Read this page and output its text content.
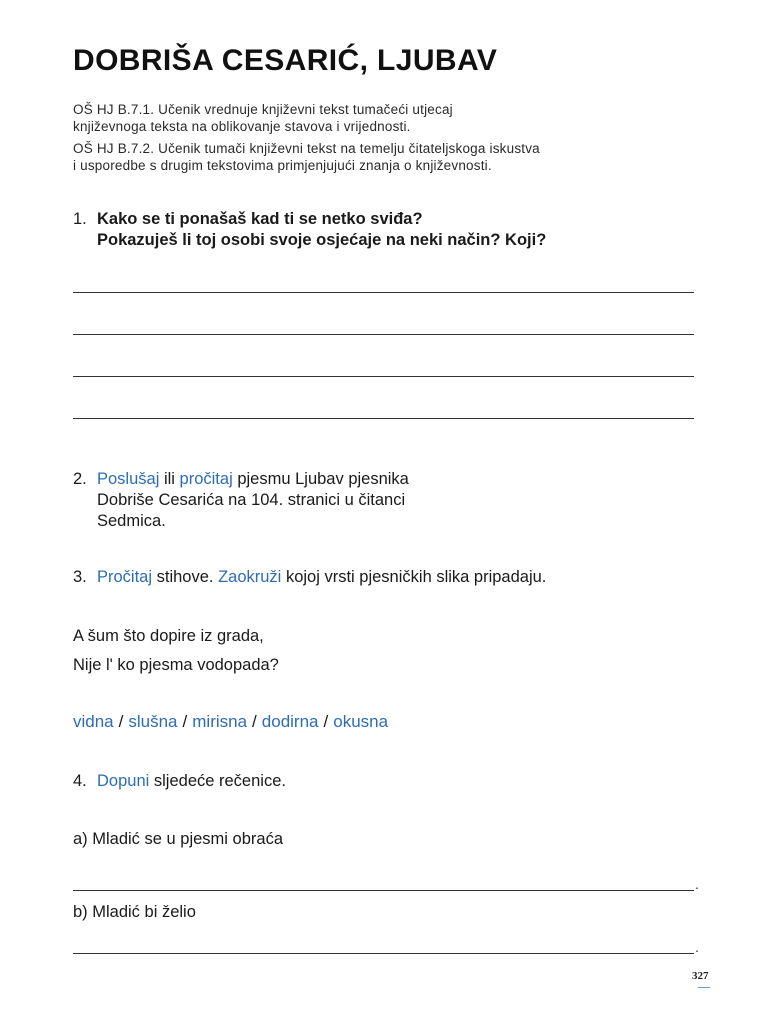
DOBRIŠA CESARIĆ, LJUBAV
OŠ HJ B.7.1. Učenik vrednuje književni tekst tumačeći utjecaj
književnoga teksta na oblikovanje stavova i vrijednosti.
OŠ HJ B.7.2. Učenik tumači književni tekst na temelju čitateljskoga iskustva
i usporedbe s drugim tekstovima primjenjujući znanja o književnosti.
1. Kako se ti ponašaš kad ti se netko sviđa?
Pokazuješ li toj osobi svoje osjećaje na neki način? Koji?
2. Poslušaj ili pročitaj pjesmu Ljubav pjesnika
Dobriše Cesarića na 104. stranici u čitanci
Sedmica.
3. Pročitaj stihove. Zaokruži kojoj vrsti pjesničkih slika pripadaju.
A šum što dopire iz grada,
Nije l' ko pjesma vodopada?
vidna / slušna / mirisna / dodirna / okusna
4. Dopuni sljedeće rečenice.
a) Mladić se u pjesmi obraća
.
b) Mladić bi želio
.
327
